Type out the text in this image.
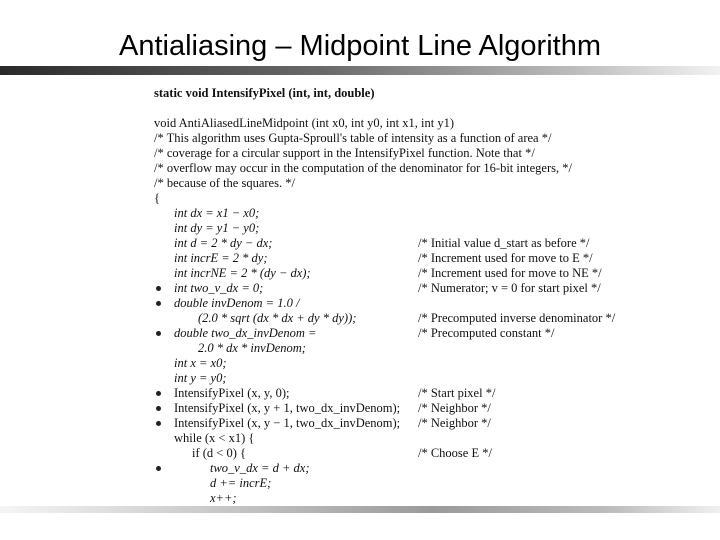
Antialiasing – Midpoint Line Algorithm
static void IntensifyPixel (int, int, double)
void AntiAliasedLineMidpoint (int x0, int y0, int x1, int y1)
/* This algorithm uses Gupta-Sproull's table of intensity as a function of area */
/* coverage for a circular support in the IntensifyPixel function. Note that */
/* overflow may occur in the computation of the denominator for 16-bit integers, */
/* because of the squares. */
{
int dx = x1 − x0;
int dy = y1 − y0;
int d = 2 * dy − dx;
int incrE = 2 * dy;
int incrNE = 2 * (dy − dx);
int two_v_dx = 0;
double invDenom = 1.0 /
(2.0 * sqrt (dx * dx + dy * dy));
double two_dx_invDenom =
2.0 * dx * invDenom;
int x = x0;
int y = y0;
IntensifyPixel (x, y, 0);
IntensifyPixel (x, y + 1, two_dx_invDenom);
IntensifyPixel (x, y − 1, two_dx_invDenom);
while (x < x1) {
if (d < 0) {
two_v_dx = d + dx;
d += incrE;
x++;
/* Initial value d_start as before */
/* Increment used for move to E */
/* Increment used for move to NE */
/* Numerator; v = 0 for start pixel */
/* Precomputed inverse denominator */
/* Precomputed constant */
/* Start pixel */
/* Neighbor */
/* Neighbor */
/* Choose E */
